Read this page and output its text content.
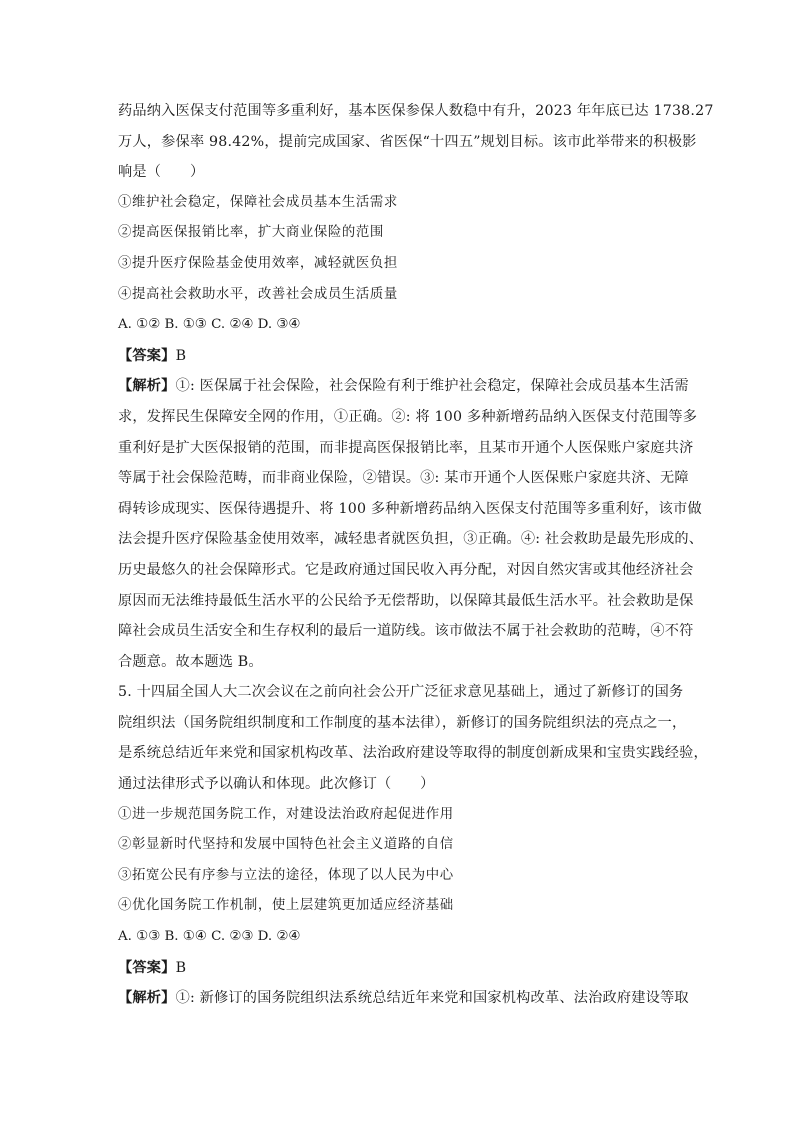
药品纳入医保支付范围等多重利好，基本医保参保人数稳中有升，2023 年年底已达 1738.27
万人，参保率 98.42%，提前完成国家、省医保“十四五”规划目标。该市此举带来的积极影
响是（　　）
①维护社会稳定，保障社会成员基本生活需求
②提高医保报销比率，扩大商业保险的范围
③提升医疗保险基金使用效率，减轻就医负担
④提高社会救助水平，改善社会成员生活质量
A. ①② B. ①③ C. ②④ D. ③④
【答案】B
【解析】①: 医保属于社会保险，社会保险有利于维护社会稳定，保障社会成员基本生活需
求，发挥民生保障安全网的作用，①正确。②: 将 100 多种新增药品纳入医保支付范围等多
重利好是扩大医保报销的范围，而非提高医保报销比率，且某市开通个人医保账户家庭共济
等属于社会保险范畴，而非商业保险，②错误。③: 某市开通个人医保账户家庭共济、无障
碍转诊成现实、医保待遇提升、将 100 多种新增药品纳入医保支付范围等多重利好，该市做
法会提升医疗保险基金使用效率，减轻患者就医负担，③正确。④: 社会救助是最先形成的、
历史最悠久的社会保障形式。它是政府通过国民收入再分配，对因自然灾害或其他经济社会
原因而无法维持最低生活水平的公民给予无偿帮助，以保障其最低生活水平。社会救助是保
障社会成员生活安全和生存权利的最后一道防线。该市做法不属于社会救助的范畴，④不符
合题意。故本题选 B。
5. 十四届全国人大二次会议在之前向社会公开广泛征求意见基础上，通过了新修订的国务
院组织法（国务院组织制度和工作制度的基本法律），新修订的国务院组织法的亮点之一，
是系统总结近年来党和国家机构改革、法治政府建设等取得的制度创新成果和宝贵实践经验，
通过法律形式予以确认和体现。此次修订（　　）
①进一步规范国务院工作，对建设法治政府起促进作用
②彰显新时代坚持和发展中国特色社会主义道路的自信
③拓宽公民有序参与立法的途径，体现了以人民为中心
④优化国务院工作机制，使上层建筑更加适应经济基础
A. ①③ B. ①④ C. ②③ D. ②④
【答案】B
【解析】①: 新修订的国务院组织法系统总结近年来党和国家机构改革、法治政府建设等取
